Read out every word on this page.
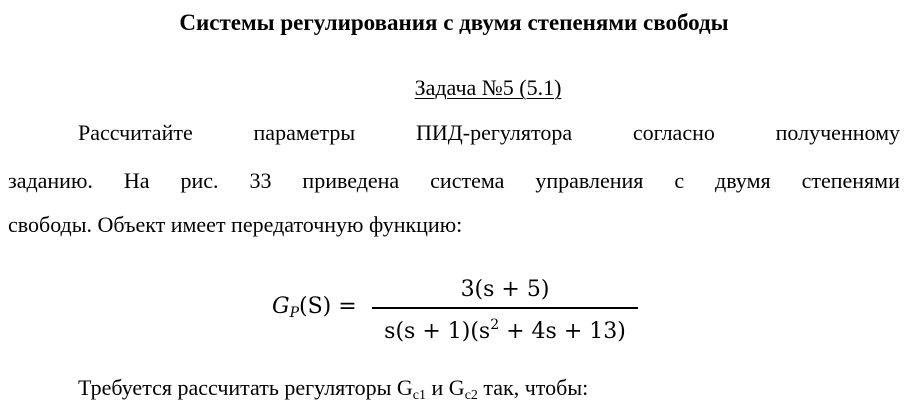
Системы регулирования с двумя степенями свободы
Задача №5 (5.1)
Рассчитайте	параметры	ПИД-регулятора	согласно	полученному
заданию. На рис. 33 приведена система управления с двумя степенями
свободы. Объект имеет передаточную функцию:
$G_P(S)$ =
3(s + 5)
$s(s + 1)(s^2 + 4s + 13)$
Требуется рассчитать регуляторы Gc1 и Gc2 так, чтобы:
